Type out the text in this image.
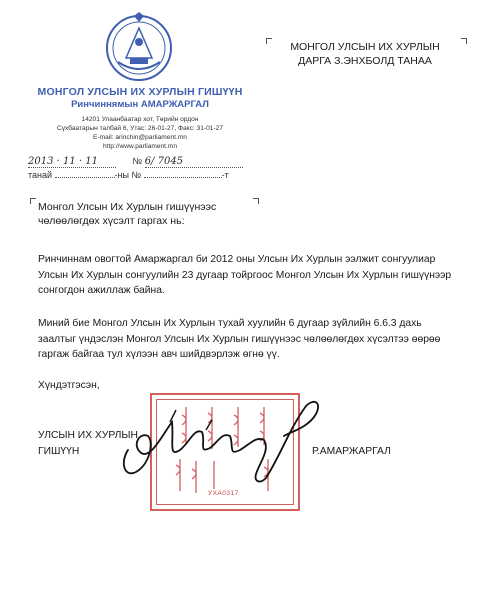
МОНГОЛ УЛСЫН ИХ ХУРЛЫН ГИШҮҮН
Ринчиннямын АМАРЖАРГАЛ
14201 Улаанбаатар хот, Төрийн ордон
Сүхбаатарын талбай 6, Утас: 26-01-27, Факс: 31-01-27
E-mail: arinchin@parliament.mn
http://www.parliament.mn
2013 · 11 · 11	№ 6/ 7045
танай	-ны №	-т
МОНГОЛ УЛСЫН ИХ ХУРЛЫН
ДАРГА З.ЭНХБОЛД ТАНАА
Монгол Улсын Их Хурлын гишүүнээс
чөлөөлөгдөх хүсэлт гаргах нь:
Ринчиннам овогтой Амаржаргал би 2012 оны Улсын Их Хурлын ээлжит сонгуулиар Улсын Их Хурлын сонгуулийн 23 дугаар тойргоос Монгол Улсын Их Хурлын гишүүнээр сонгогдон ажиллаж байна.
Миний бие Монгол Улсын Их Хурлын тухай хуулийн 6 дугаар зүйлийн 6.6.3 дахь заалтыг үндэслэн Монгол Улсын Их Хурлын гишүүнээс чөлөөлөгдөх хүсэлтээ өөрөө гаргаж байгаа тул хүлээн авч шийдвэрлэж өгнө үү.
Хүндэтгэсэн,
УЛСЫН ИХ ХУРЛЫН
ГИШҮҮН	Р.АМАРЖАРГАЛ
УХА0317
